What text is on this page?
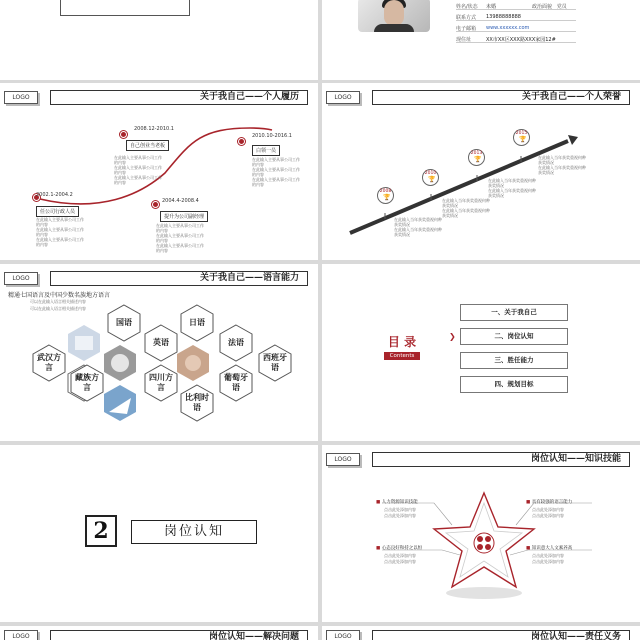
姓名/状态 未婚	政治面貌 党员
联系方式 13988888888
电子邮箱 www.xxxxxx.com
现住址	XX市XX区XXX路XXX家园12#
LOGO	关于我自己——个人履历
2002.1-2004.2
任公司行政人员
在此输入主要从事公司工作的内容
在此输入主要从事公司工作的内容
在此输入主要从事公司工作的内容
2008.12-2010.1
自己创业当老板
在此输入主要从事公司工作的内容
在此输入主要从事公司工作的内容
在此输入主要从事公司工作的内容
2004.4-2008.4
提升为公司副经理
在此输入主要从事公司工作的内容
在此输入主要从事公司工作的内容
在此输入主要从事公司工作的内容
2010.10-2016.1
白领一员
在此输入主要从事公司工作的内容
在此输入主要从事公司工作的内容
在此输入主要从事公司工作的内容
LOGO	关于我自己——个人荣誉
2008
🏆
在此输入当年获奖重视何种获奖情况
在此输入当年获奖重视何种获奖情况
2010
🏆
在此输入当年获奖重视何种获奖情况
在此输入当年获奖重视何种获奖情况
2013
🏆
在此输入当年获奖重视何种获奖情况
在此输入当年获奖重视何种获奖情况
2015
🏆
在此输入当年获奖重视何种获奖情况
在此输入当年获奖重视何种获奖情况
LOGO	关于我自己——语言能力
精通七国语言及中国少数名族地方语言
可以在此输入语言相关描述内容
可以在此输入语言相关描述内容
国语	日语
英语	法语
武汉方言
西班牙语
藏族方言
四川方言
葡萄牙语
比利时语
目 录
Contents
一、关于我自己
❯	二、岗位认知
三、胜任能力
四、规划目标
2	岗位认知
LOGO	岗位认知——知识技能
■ 人力资源知识技能
点击此处添加内容
点击此处添加内容
■ 具有较强的语言能力
点击此处添加内容
点击此处添加内容
■ 心态良好和持之以恒
点击此处添加内容
点击此处添加内容
■ 知识意大人文素养高
点击此处添加内容
点击此处添加内容
LOGO	岗位认知——解决问题	LOGO	岗位认知——责任义务
